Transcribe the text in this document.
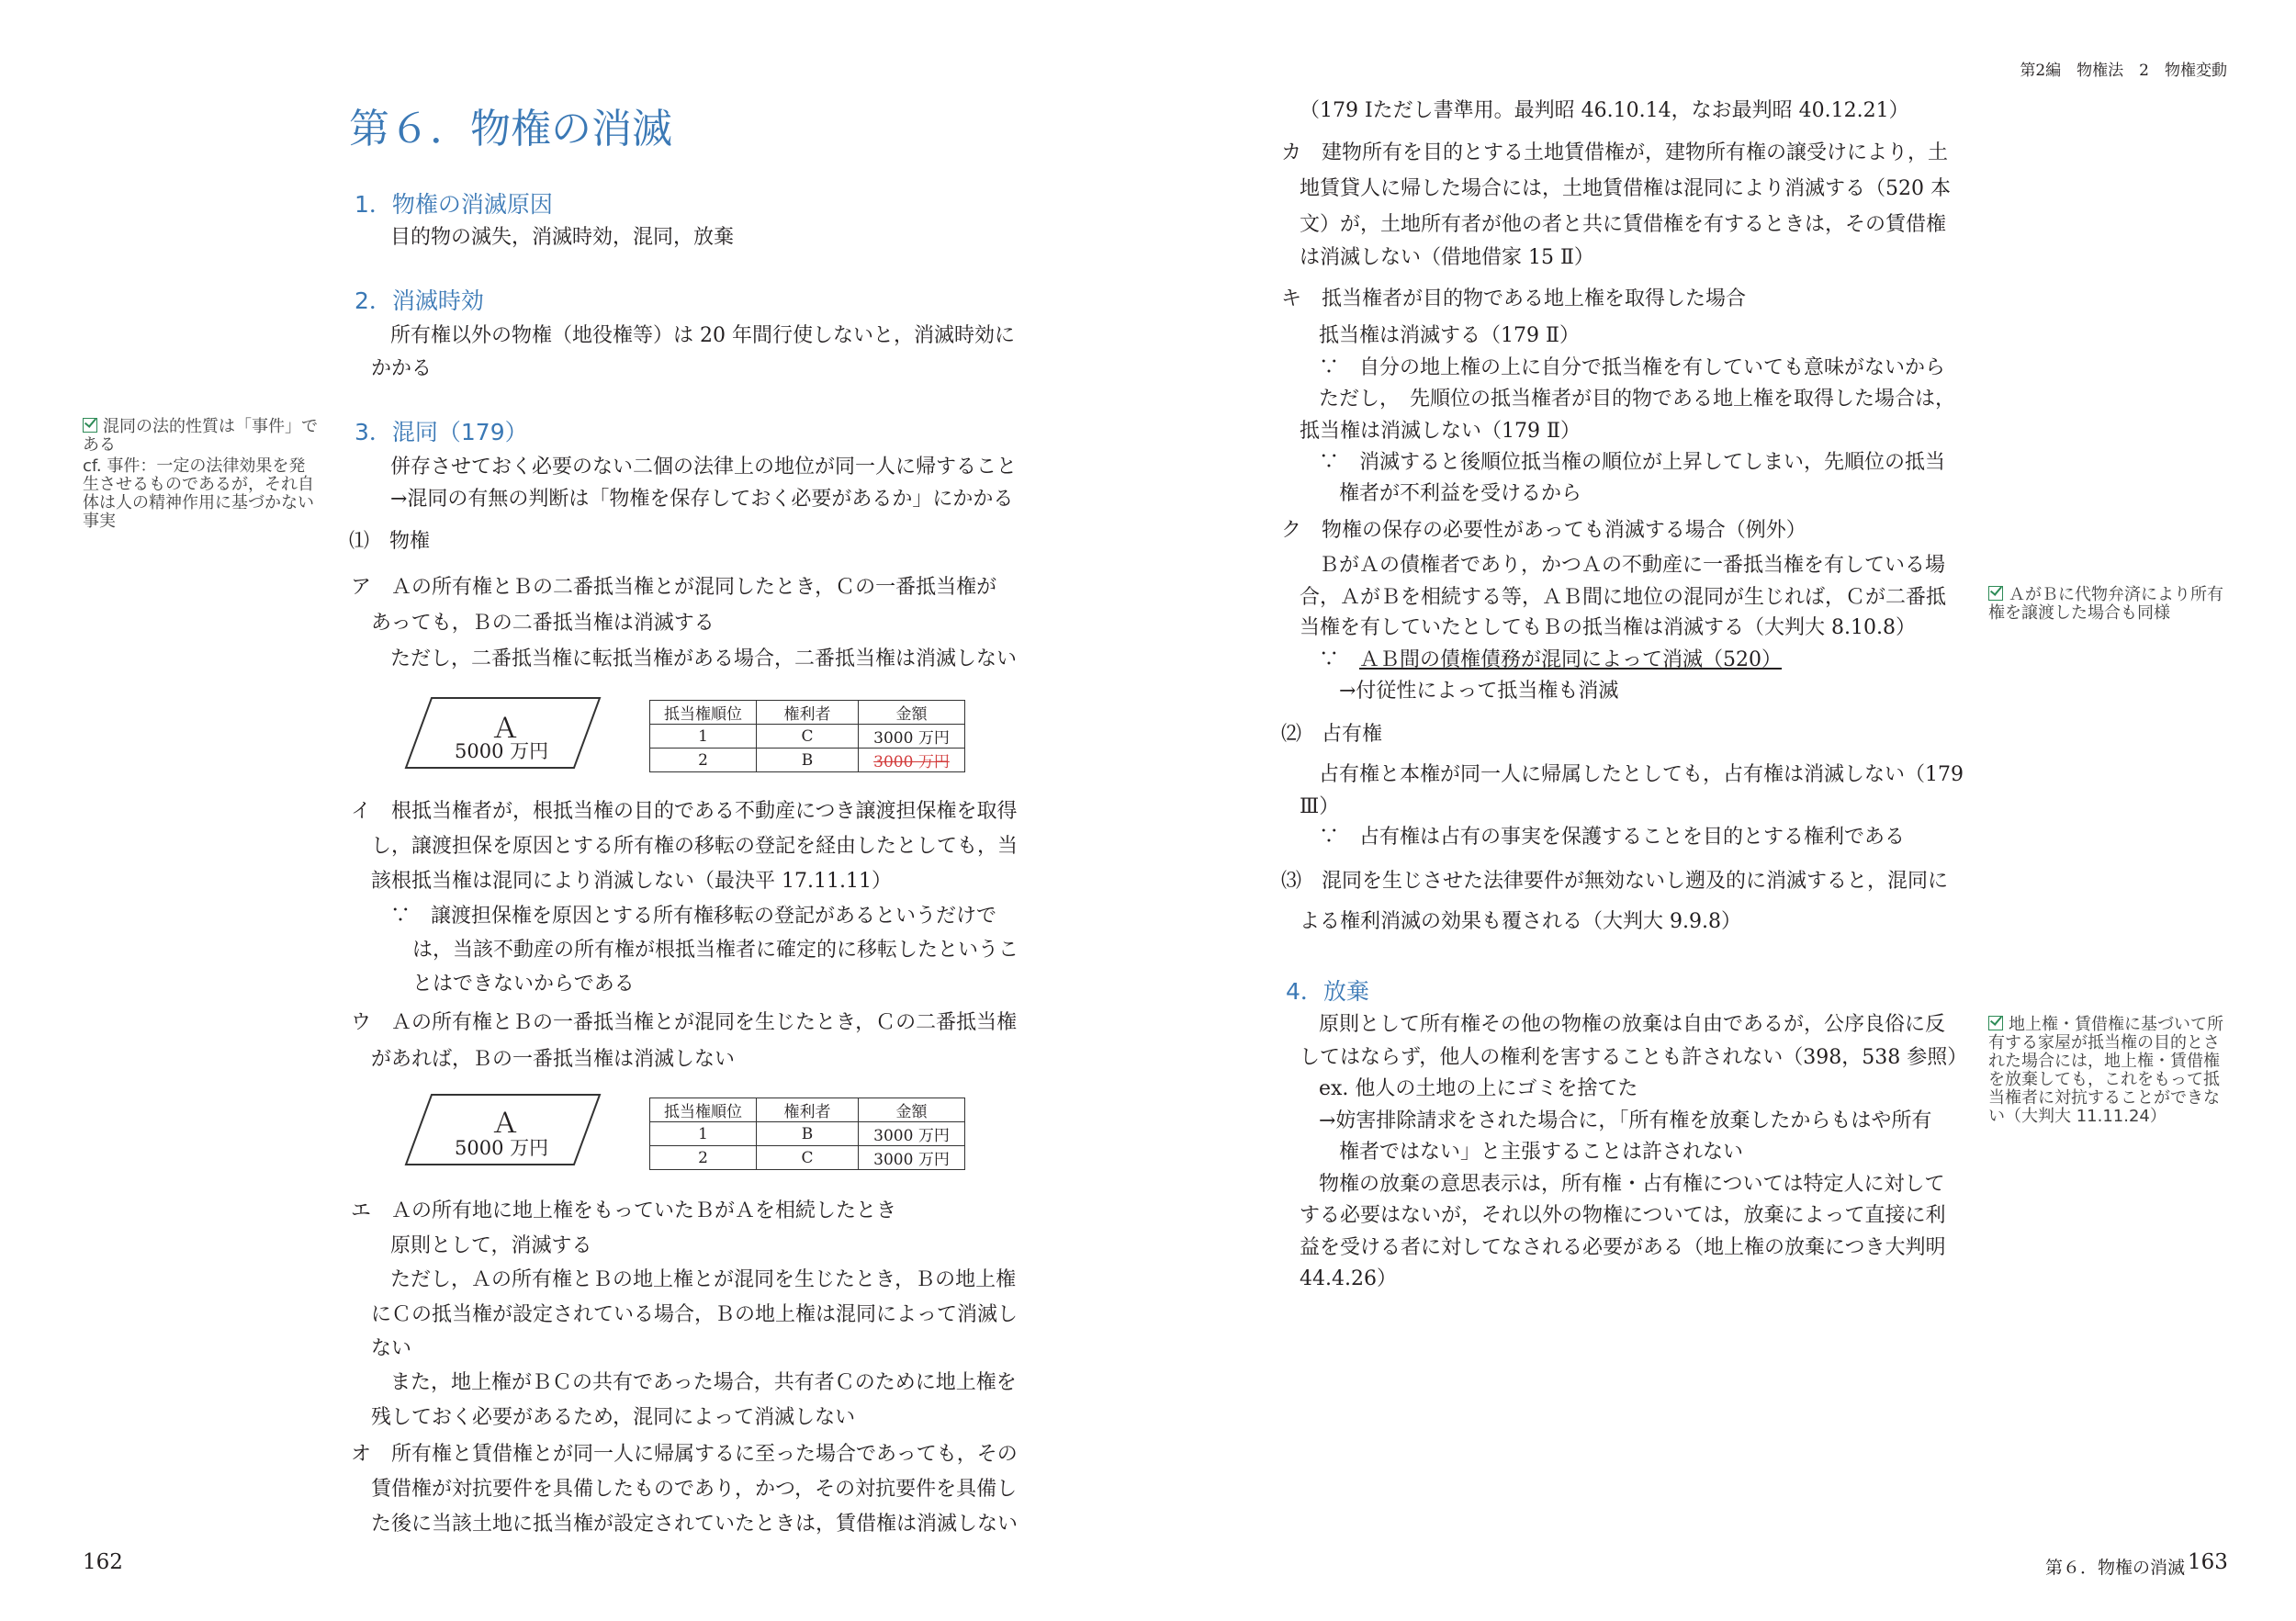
第６．物権の消滅
1．物権の消滅原因
目的物の滅失，消滅時効，混同，放棄
2．消滅時効
所有権以外の物権（地役権等）は 20 年間行使しないと，消滅時効に
かかる
混同の法的性質は「事件」である
cf. 事件：一定の法律効果を発生させるものであるが，それ自体は人の精神作用に基づかない事実
3．混同（179）
併存させておく必要のない二個の法律上の地位が同一人に帰すること
→混同の有無の判断は「物権を保存しておく必要があるか」にかかる
⑴　物権
ア　Ａの所有権とＢの二番抵当権とが混同したとき，Ｃの一番抵当権が
あっても，Ｂの二番抵当権は消滅する
ただし，二番抵当権に転抵当権がある場合，二番抵当権は消滅しない
Ａ
5000 万円
抵当権順位	権利者	金額
1	C	3000 万円
2	B	3000 万円
イ　根抵当権者が，根抵当権の目的である不動産につき譲渡担保権を取得
し，譲渡担保を原因とする所有権の移転の登記を経由したとしても，当
該根抵当権は混同により消滅しない（最決平 17.11.11）
∵　譲渡担保権を原因とする所有権移転の登記があるというだけで
は，当該不動産の所有権が根抵当権者に確定的に移転したというこ
とはできないからである
ウ　Ａの所有権とＢの一番抵当権とが混同を生じたとき，Ｃの二番抵当権
があれば，Ｂの一番抵当権は消滅しない
Ａ
5000 万円
抵当権順位	権利者	金額
1	B	3000 万円
2	C	3000 万円
エ　Ａの所有地に地上権をもっていたＢがＡを相続したとき
原則として，消滅する
ただし，Ａの所有権とＢの地上権とが混同を生じたとき，Ｂの地上権
にＣの抵当権が設定されている場合，Ｂの地上権は混同によって消滅し
ない
また，地上権がＢＣの共有であった場合，共有者Ｃのために地上権を
残しておく必要があるため，混同によって消滅しない
オ　所有権と賃借権とが同一人に帰属するに至った場合であっても，その
賃借権が対抗要件を具備したものであり，かつ，その対抗要件を具備し
た後に当該土地に抵当権が設定されていたときは，賃借権は消滅しない
162
第2編　物権法　2　物権変動
（179 Ⅰただし書準用。最判昭 46.10.14，なお最判昭 40.12.21）
カ　建物所有を目的とする土地賃借権が，建物所有権の譲受けにより，土
地賃貸人に帰した場合には，土地賃借権は混同により消滅する（520 本
文）が，土地所有者が他の者と共に賃借権を有するときは，その賃借権
は消滅しない（借地借家 15 Ⅱ）
キ　抵当権者が目的物である地上権を取得した場合
抵当権は消滅する（179 Ⅱ）
∵　自分の地上権の上に自分で抵当権を有していても意味がないから
ただし，　先順位の抵当権者が目的物である地上権を取得した場合は，
抵当権は消滅しない（179 Ⅱ）
∵　消滅すると後順位抵当権の順位が上昇してしまい，先順位の抵当
権者が不利益を受けるから
ク　物権の保存の必要性があっても消滅する場合（例外）
ＢがＡの債権者であり，かつＡの不動産に一番抵当権を有している場
合，ＡがＢを相続する等，ＡＢ間に地位の混同が生じれば，Ｃが二番抵
当権を有していたとしてもＢの抵当権は消滅する（大判大 8.10.8）
∵　ＡＢ間の債権債務が混同によって消滅（520）
→付従性によって抵当権も消滅
ＡがＢに代物弁済により所有権を譲渡した場合も同様
⑵　占有権
占有権と本権が同一人に帰属したとしても，占有権は消滅しない（179
Ⅲ）
∵　占有権は占有の事実を保護することを目的とする権利である
⑶　混同を生じさせた法律要件が無効ないし遡及的に消滅すると，混同に
よる権利消滅の効果も覆される（大判大 9.9.8）
4．放棄
原則として所有権その他の物権の放棄は自由であるが，公序良俗に反
してはならず，他人の権利を害することも許されない（398，538 参照）
ex. 他人の土地の上にゴミを捨てた
→妨害排除請求をされた場合に，「所有権を放棄したからもはや所有
権者ではない」と主張することは許されない
物権の放棄の意思表示は，所有権・占有権については特定人に対して
する必要はないが，それ以外の物権については，放棄によって直接に利
益を受ける者に対してなされる必要がある（地上権の放棄につき大判明
44.4.26）
地上権・賃借権に基づいて所有する家屋が抵当権の目的とされた場合には，地上権・賃借権を放棄しても，これをもって抵当権者に対抗することができない（大判大 11.11.24）
第６．物権の消滅 163
